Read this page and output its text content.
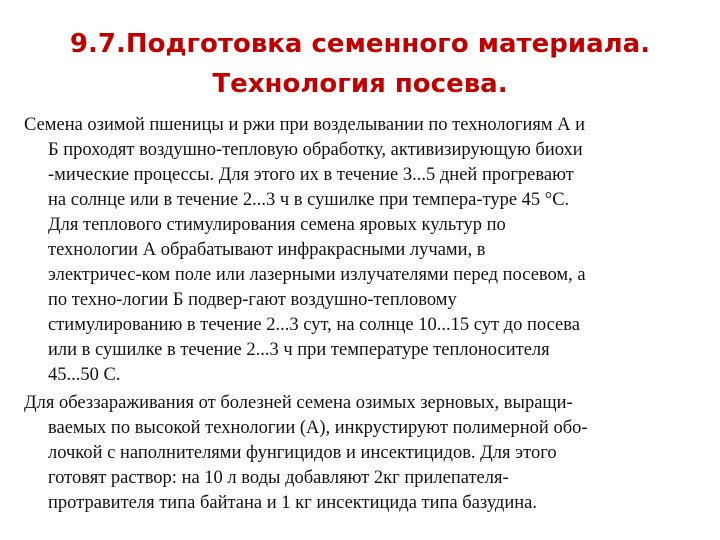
9.7.Подготовка семенного материала.
Технология посева.

Семена озимой пшеницы и ржи при возделывании по технологиям А и
Б проходят воздушно-тепловую обработку, активизирующую биохи
-мические процессы. Для этого их в течение 3...5 дней прогревают
на солнце или в течение 2...3 ч в сушилке при темпера-туре 45 °С.
Для теплового стимулирования семена яровых культур по
технологии А обрабатывают инфракрасными лучами, в
электричес-ком поле или лазерными излучателями перед посевом, а
по техно-логии Б подвер-гают воздушно-тепловому
стимулированию в течение 2...3 сут, на солнце 10...15 сут до посева
или в сушилке в течение 2...3 ч при температуре теплоносителя
45...50 С.

Для обеззараживания от болезней семена озимых зерновых, выращи-
ваемых по высокой технологии (А), инкрустируют полимерной обо-
лочкой с наполнителями фунгицидов и инсектицидов. Для этого
готовят раствор: на 10 л воды добавляют 2кг прилепателя-
протравителя типа байтана и 1 кг инсектицида типа базудина.
